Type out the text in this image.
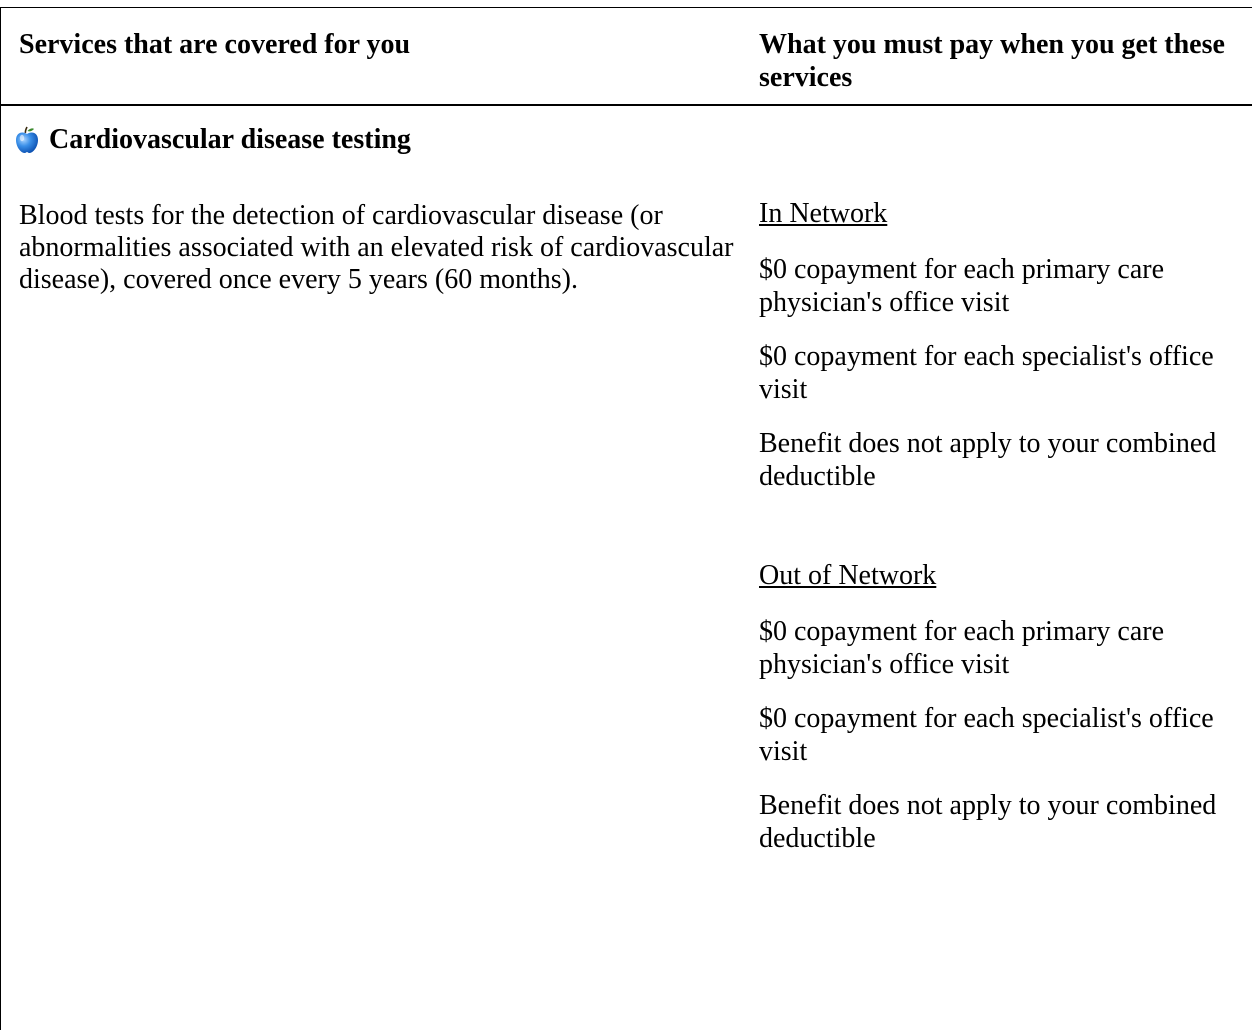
Services that are covered for you	What you must pay when you get these services
Cardiovascular disease testing
Blood tests for the detection of cardiovascular disease (or abnormalities associated with an elevated risk of cardiovascular disease), covered once every 5 years (60 months).
In Network
$0 copayment for each primary care physician's office visit
$0 copayment for each specialist's office visit
Benefit does not apply to your combined deductible
Out of Network
$0 copayment for each primary care physician's office visit
$0 copayment for each specialist's office visit
Benefit does not apply to your combined deductible
